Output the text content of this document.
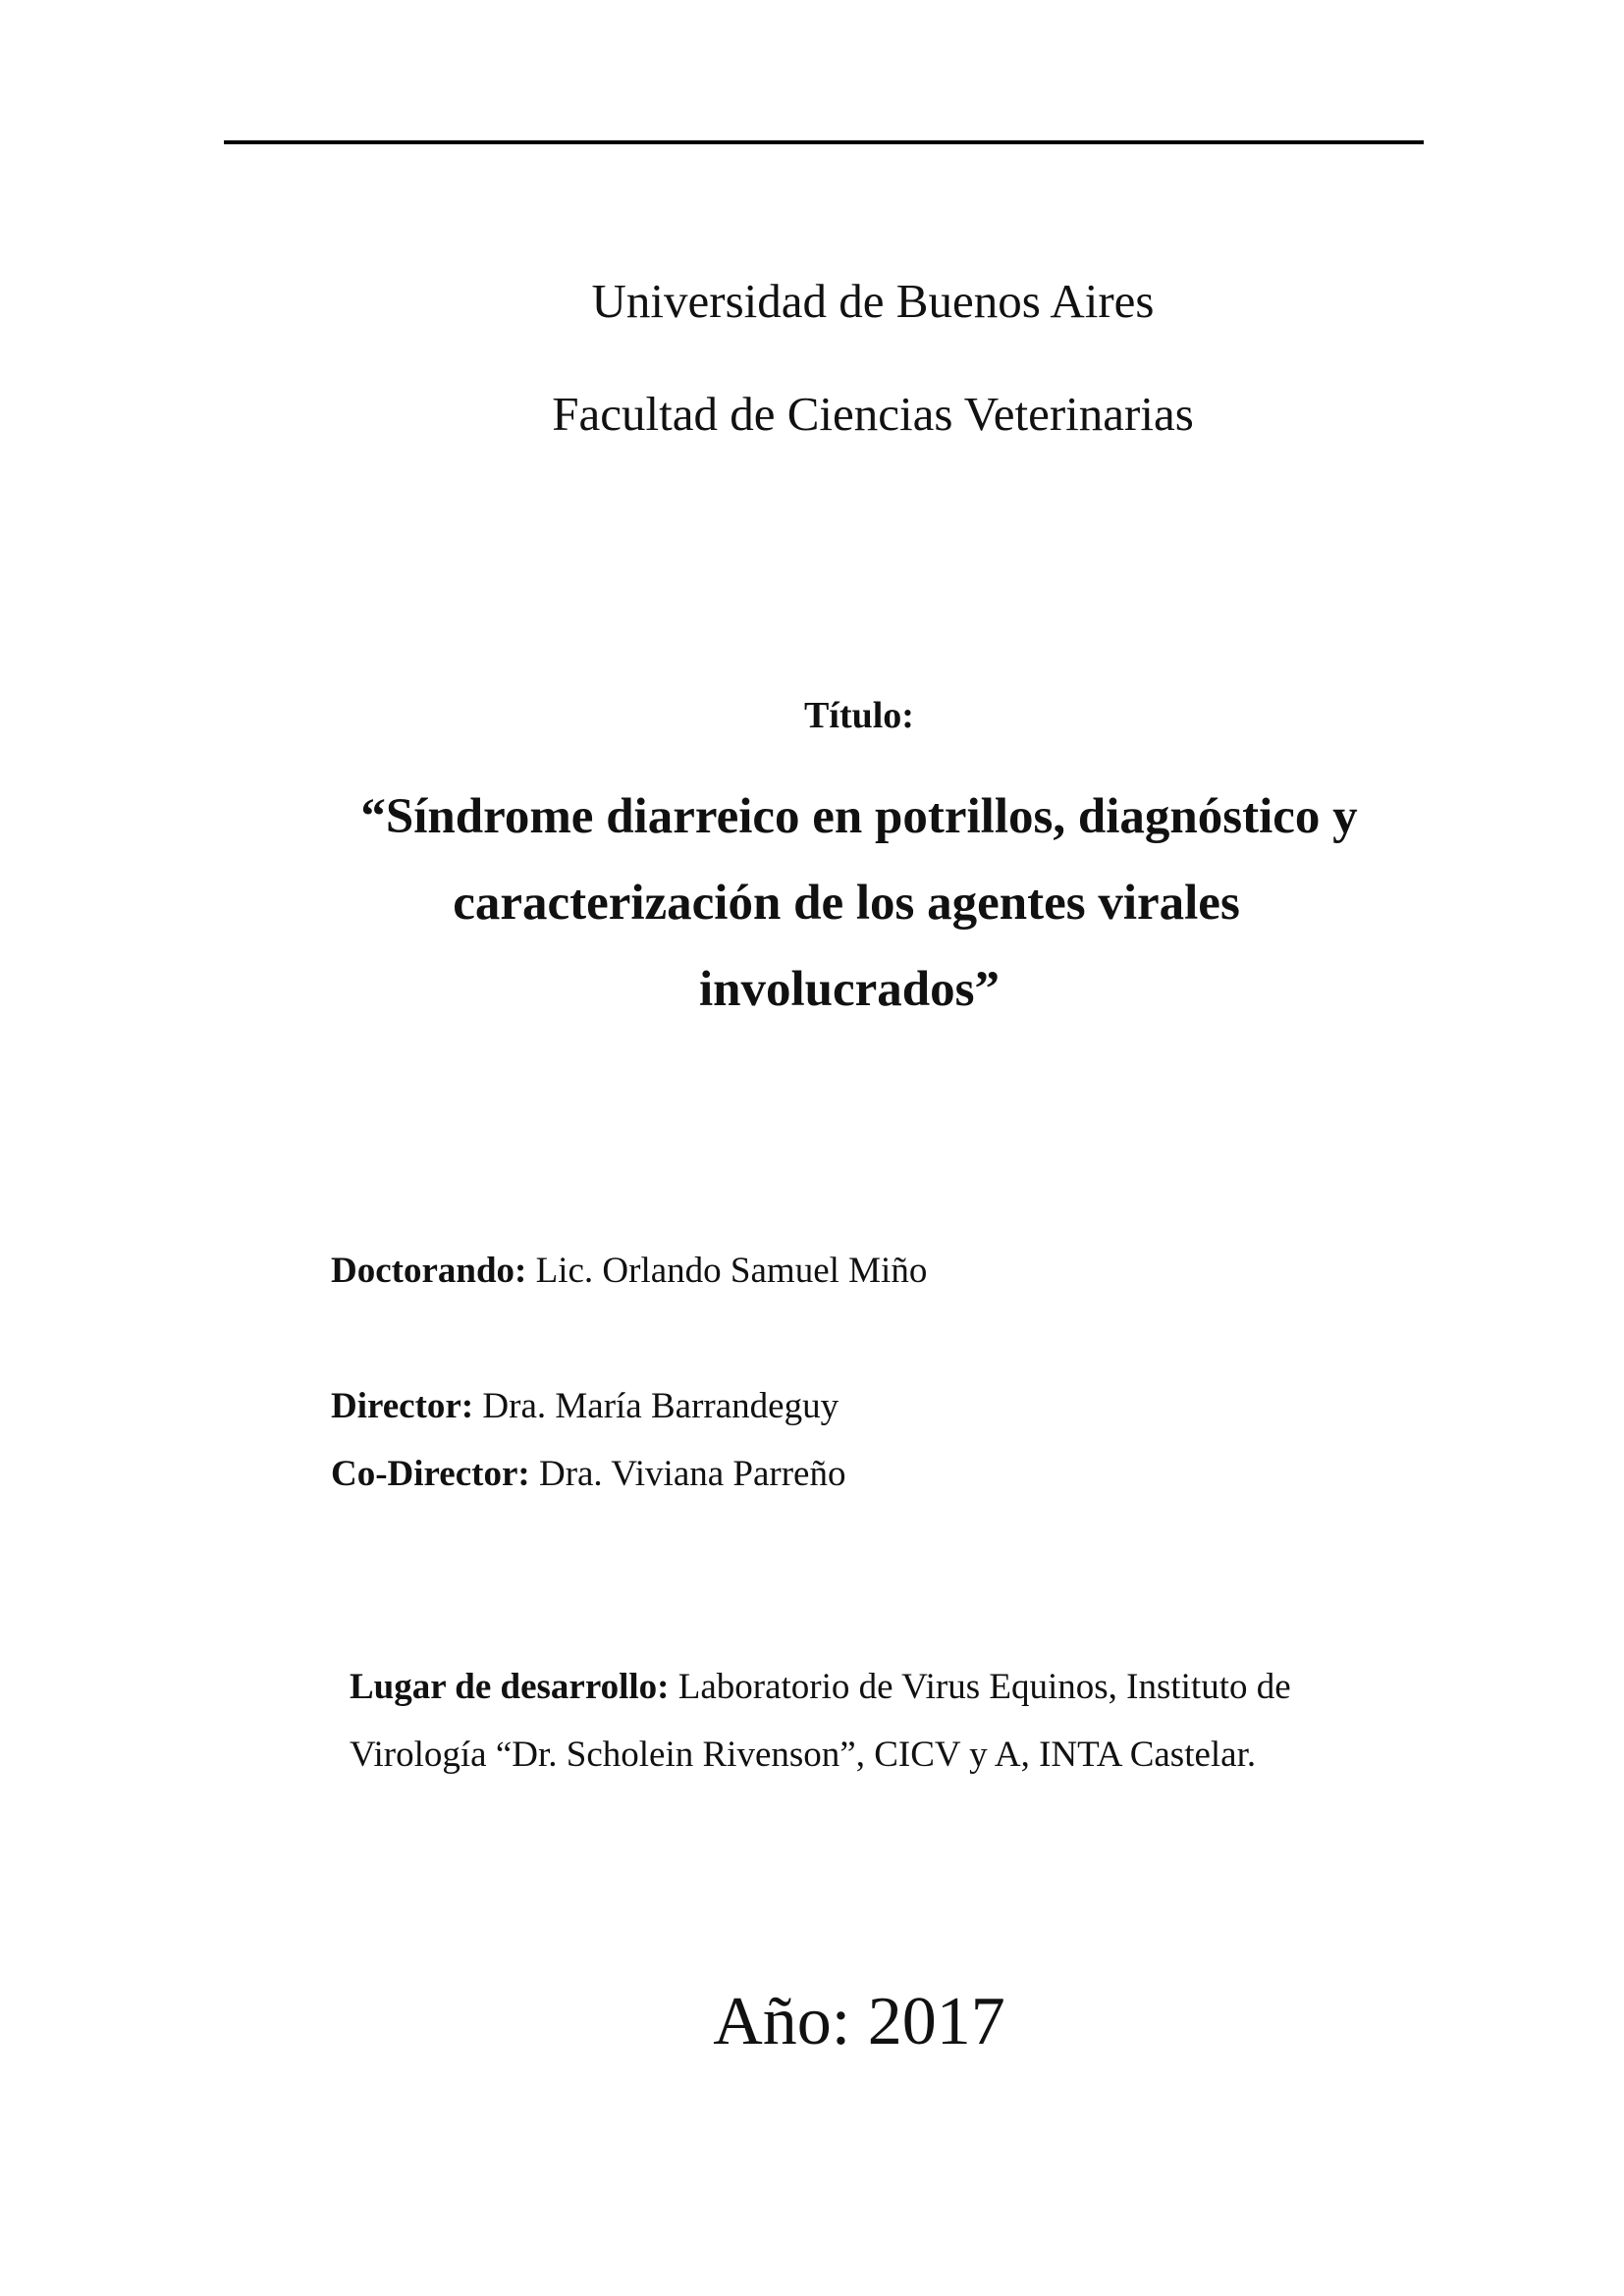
Universidad de Buenos Aires
Facultad de Ciencias Veterinarias
Título:
“Síndrome diarreico en potrillos, diagnóstico y
caracterización de los agentes virales
involucrados”
Doctorando: Lic. Orlando Samuel Miño
Director: Dra. María Barrandeguy
Co-Director: Dra. Viviana Parreño
Lugar de desarrollo: Laboratorio de Virus Equinos, Instituto de Virología “Dr. Scholein Rivenson”, CICV y A, INTA Castelar.
Año: 2017
